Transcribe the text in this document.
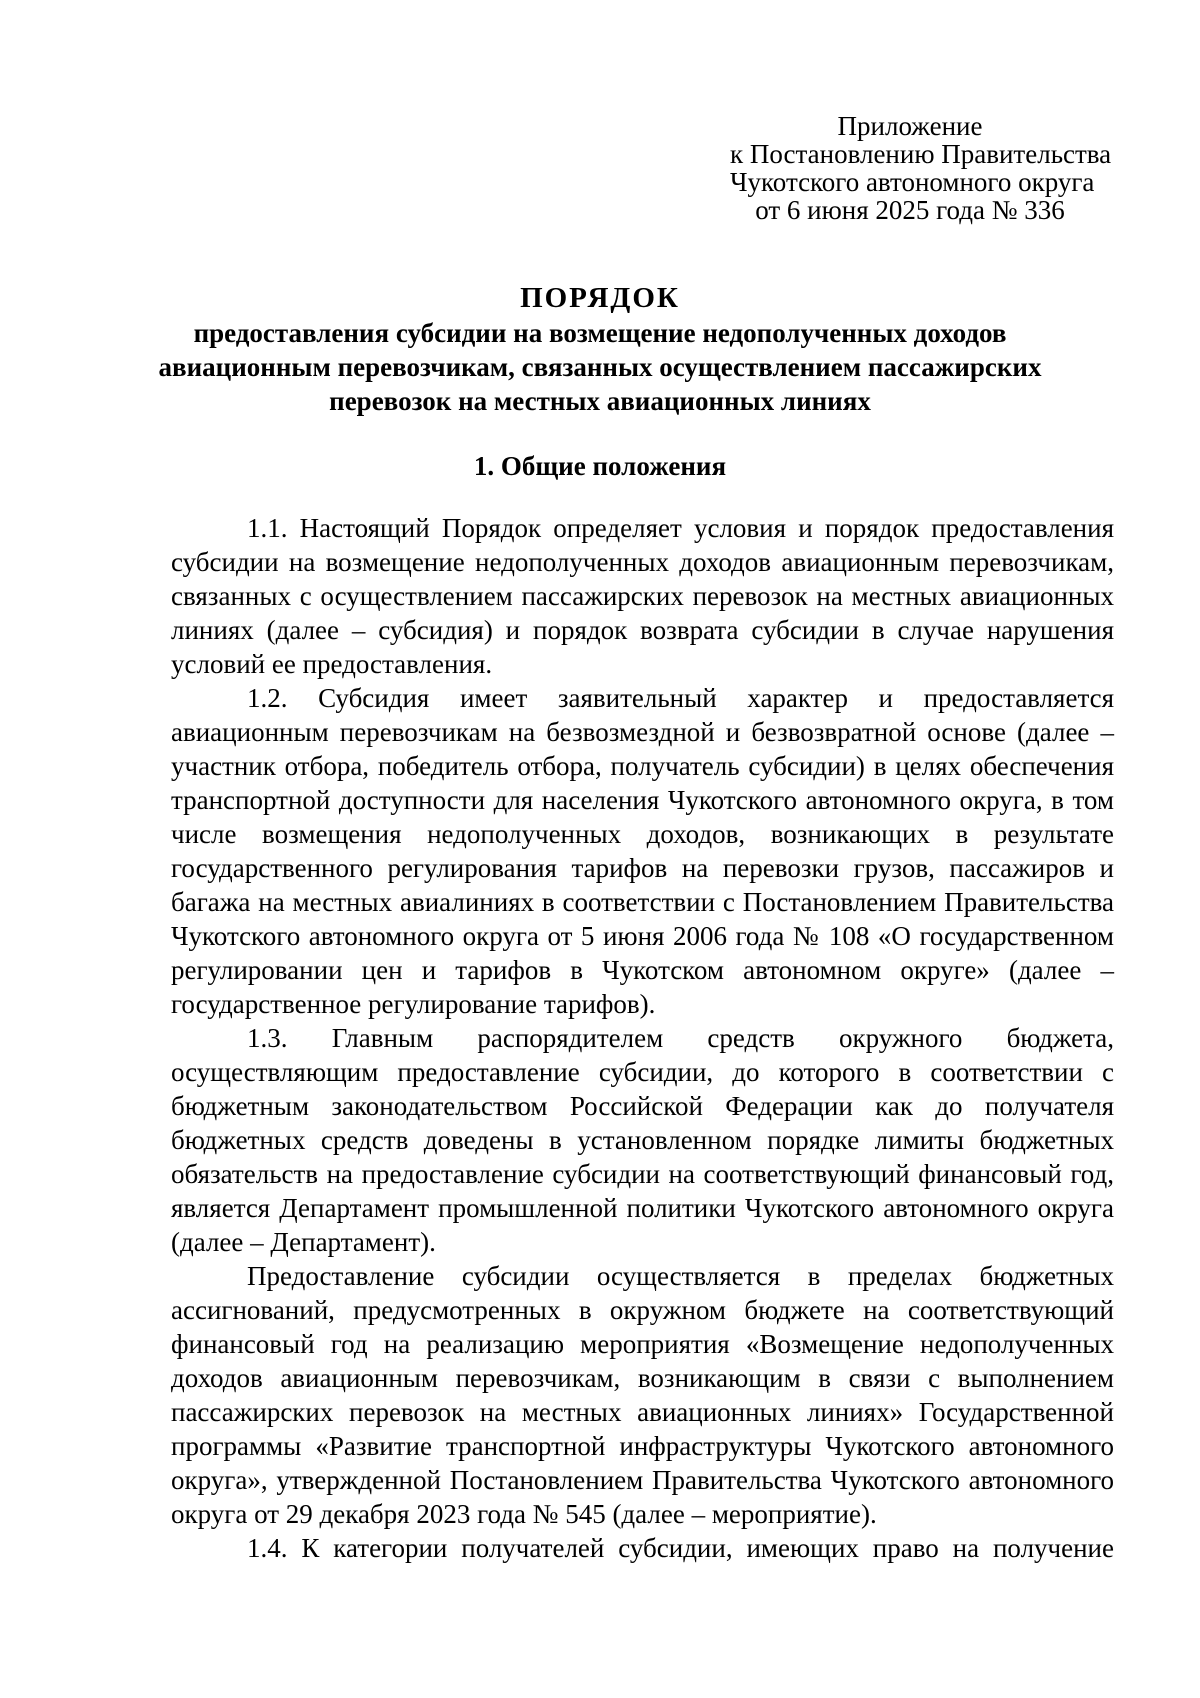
Приложение
к Постановлению Правительства
Чукотского автономного округа
от 6 июня 2025 года № 336
ПОРЯДОК
предоставления субсидии на возмещение недополученных доходов авиационным перевозчикам, связанных осуществлением пассажирских перевозок на местных авиационных линиях
1. Общие положения

1.1. Настоящий Порядок определяет условия и порядок предоставления субсидии на возмещение недополученных доходов авиационным перевозчикам, связанных с осуществлением пассажирских перевозок на местных авиационных линиях (далее – субсидия) и порядок возврата субсидии в случае нарушения условий ее предоставления.

1.2. Субсидия имеет заявительный характер и предоставляется авиационным перевозчикам на безвозмездной и безвозвратной основе (далее – участник отбора, победитель отбора, получатель субсидии) в целях обеспечения транспортной доступности для населения Чукотского автономного округа, в том числе возмещения недополученных доходов, возникающих в результате государственного регулирования тарифов на перевозки грузов, пассажиров и багажа на местных авиалиниях в соответствии с Постановлением Правительства Чукотского автономного округа от 5 июня 2006 года № 108 «О государственном регулировании цен и тарифов в Чукотском автономном округе» (далее – государственное регулирование тарифов).

1.3. Главным распорядителем средств окружного бюджета, осуществляющим предоставление субсидии, до которого в соответствии с бюджетным законодательством Российской Федерации как до получателя бюджетных средств доведены в установленном порядке лимиты бюджетных обязательств на предоставление субсидии на соответствующий финансовый год, является Департамент промышленной политики Чукотского автономного округа (далее – Департамент).

Предоставление субсидии осуществляется в пределах бюджетных ассигнований, предусмотренных в окружном бюджете на соответствующий финансовый год на реализацию мероприятия «Возмещение недополученных доходов авиационным перевозчикам, возникающим в связи с выполнением пассажирских перевозок на местных авиационных линиях» Государственной программы «Развитие транспортной инфраструктуры Чукотского автономного округа», утвержденной Постановлением Правительства Чукотского автономного округа от 29 декабря 2023 года № 545 (далее – мероприятие).

1.4. К категории получателей субсидии, имеющих право на получение
